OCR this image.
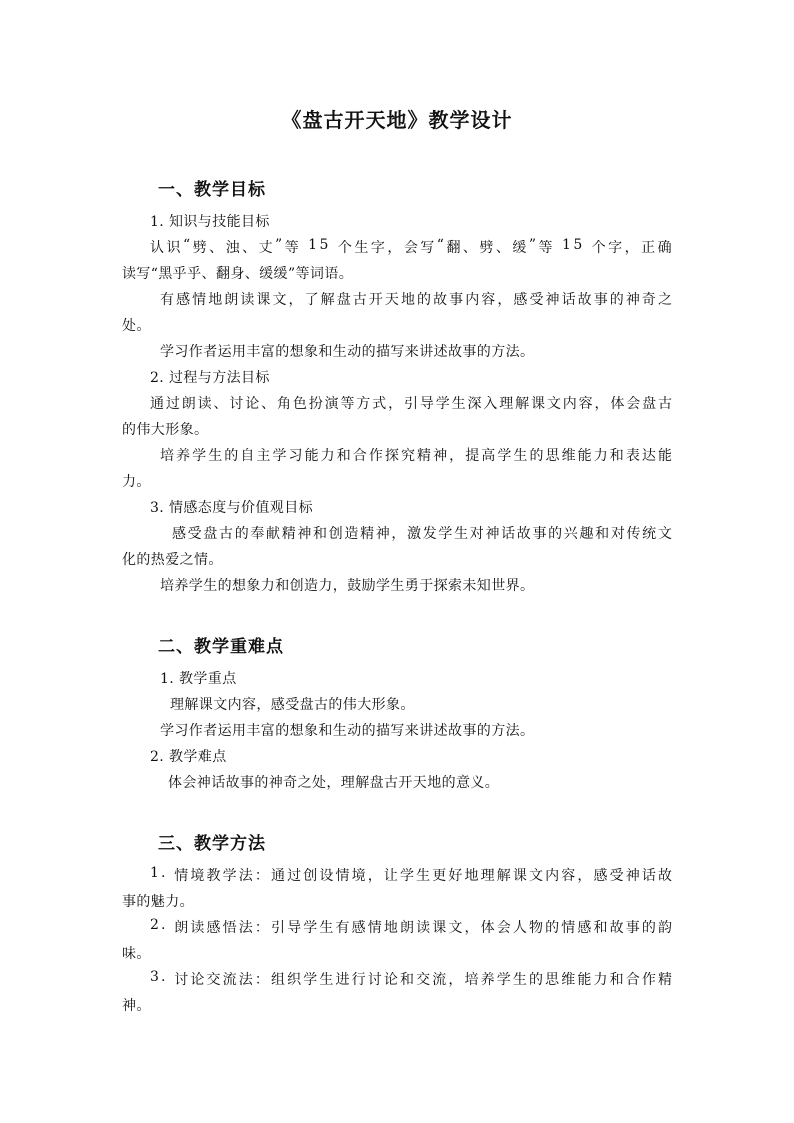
《盘古开天地》教学设计
一、教学目标
1. 知识与技能目标
认 识 “ 劈 、 浊 、 丈 ” 等
1 5
个 生 字 ， 会 写 “ 翻 、 劈 、 缓 ” 等
1 5
个 字 ， 正 确
读写“黑乎乎、翻身、缓缓”等词语。
有 感 情 地 朗 读 课 文 ， 了 解 盘 古 开 天 地 的 故 事 内 容 ， 感 受 神 话 故 事 的 神 奇 之
处。
学习作者运用丰富的想象和生动的描写来讲述故事的方法。
2. 过程与方法目标
通 过 朗 读 、 讨 论 、 角 色 扮 演 等 方 式 ， 引 导 学 生 深 入 理 解 课 文 内 容 ， 体 会 盘 古
的伟大形象。
培 养 学 生 的 自 主 学 习 能 力 和 合 作 探 究 精 神 ， 提 高 学 生 的 思 维 能 力 和 表 达 能
力。
3. 情感态度与价值观目标
感 受 盘 古 的 奉 献 精 神 和 创 造 精 神 ， 激 发 学 生 对 神 话 故 事 的 兴 趣 和 对 传 统 文
化的热爱之情。
培养学生的想象力和创造力，鼓励学生勇于探索未知世界。
二、教学重难点
1. 教学重点
理解课文内容，感受盘古的伟大形象。
学习作者运用丰富的想象和生动的描写来讲述故事的方法。
2. 教学难点
体会神话故事的神奇之处，理解盘古开天地的意义。
三、教学方法
1 .
情 境 教 学 法 ： 通 过 创 设 情 境 ， 让 学 生 更 好 地 理 解 课 文 内 容 ， 感 受 神 话 故
事的魅力。
2 .
朗 读 感 悟 法 ： 引 导 学 生 有 感 情 地 朗 读 课 文 ， 体 会 人 物 的 情 感 和 故 事 的 韵
味。
3 .
讨 论 交 流 法 ： 组 织 学 生 进 行 讨 论 和 交 流 ， 培 养 学 生 的 思 维 能 力 和 合 作 精
神。
